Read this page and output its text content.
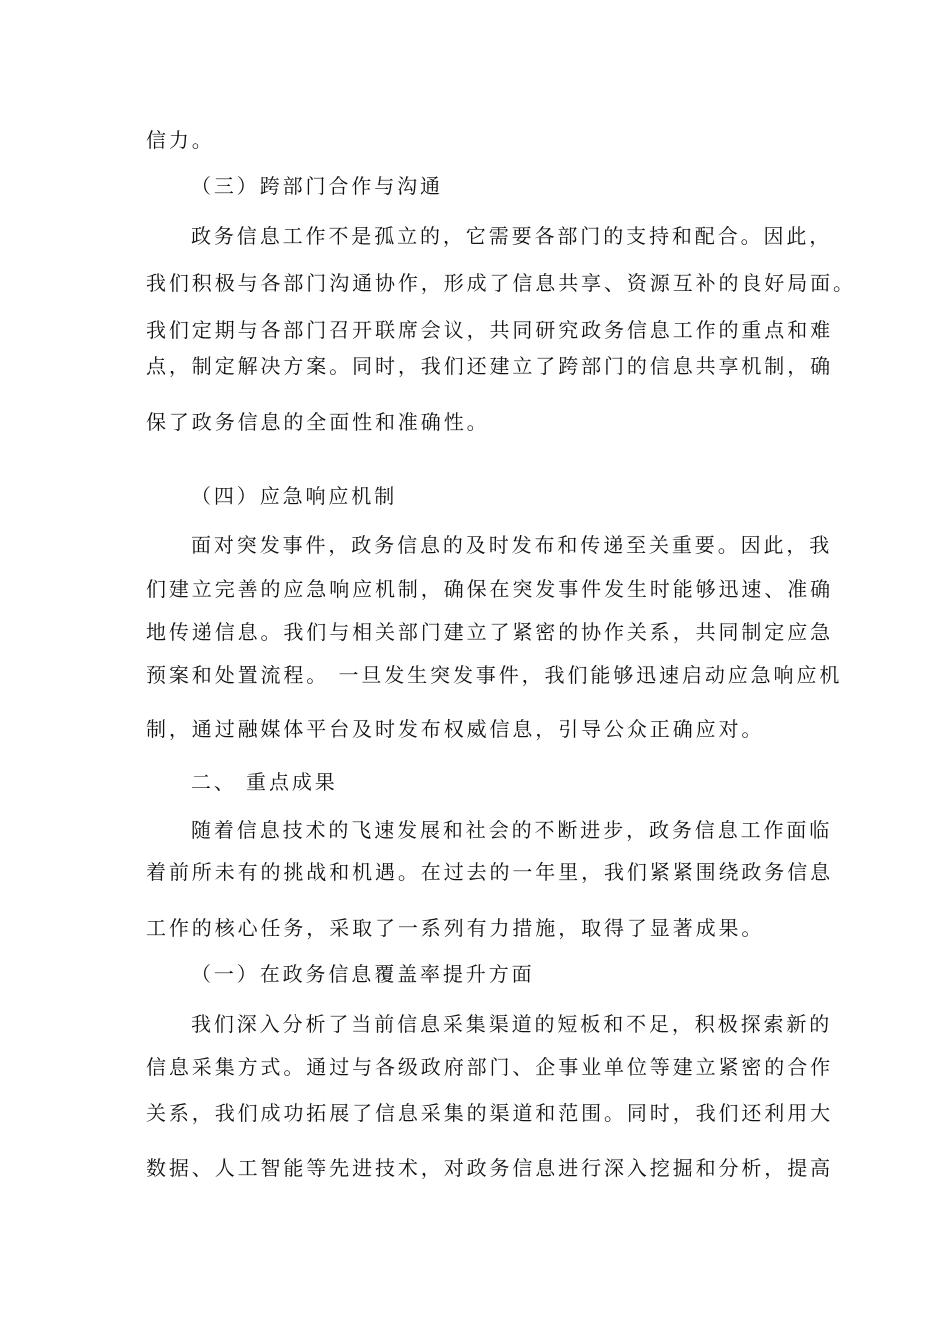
信力。
（三）跨部门合作与沟通
政务信息工作不是孤立的，它需要各部门的支持和配合。因此，
我们积极与各部门沟通协作，形成了信息共享、资源互补的良好局面。
我们定期与各部门召开联席会议，共同研究政务信息工作的重点和难
点，制定解决方案。同时，我们还建立了跨部门的信息共享机制，确
保了政务信息的全面性和准确性。
（四）应急响应机制
面对突发事件，政务信息的及时发布和传递至关重要。因此，我
们建立完善的应急响应机制，确保在突发事件发生时能够迅速、准确
地传递信息。我们与相关部门建立了紧密的协作关系，共同制定应急
预案和处置流程。 一旦发生突发事件，我们能够迅速启动应急响应机
制，通过融媒体平台及时发布权威信息，引导公众正确应对。
二、 重点成果
随着信息技术的飞速发展和社会的不断进步，政务信息工作面临
着前所未有的挑战和机遇。在过去的一年里，我们紧紧围绕政务信息
工作的核心任务，采取了一系列有力措施，取得了显著成果。
（一）在政务信息覆盖率提升方面
我们深入分析了当前信息采集渠道的短板和不足，积极探索新的
信息采集方式。通过与各级政府部门、企事业单位等建立紧密的合作
关系，我们成功拓展了信息采集的渠道和范围。同时，我们还利用大
数据、人工智能等先进技术，对政务信息进行深入挖掘和分析，提高
